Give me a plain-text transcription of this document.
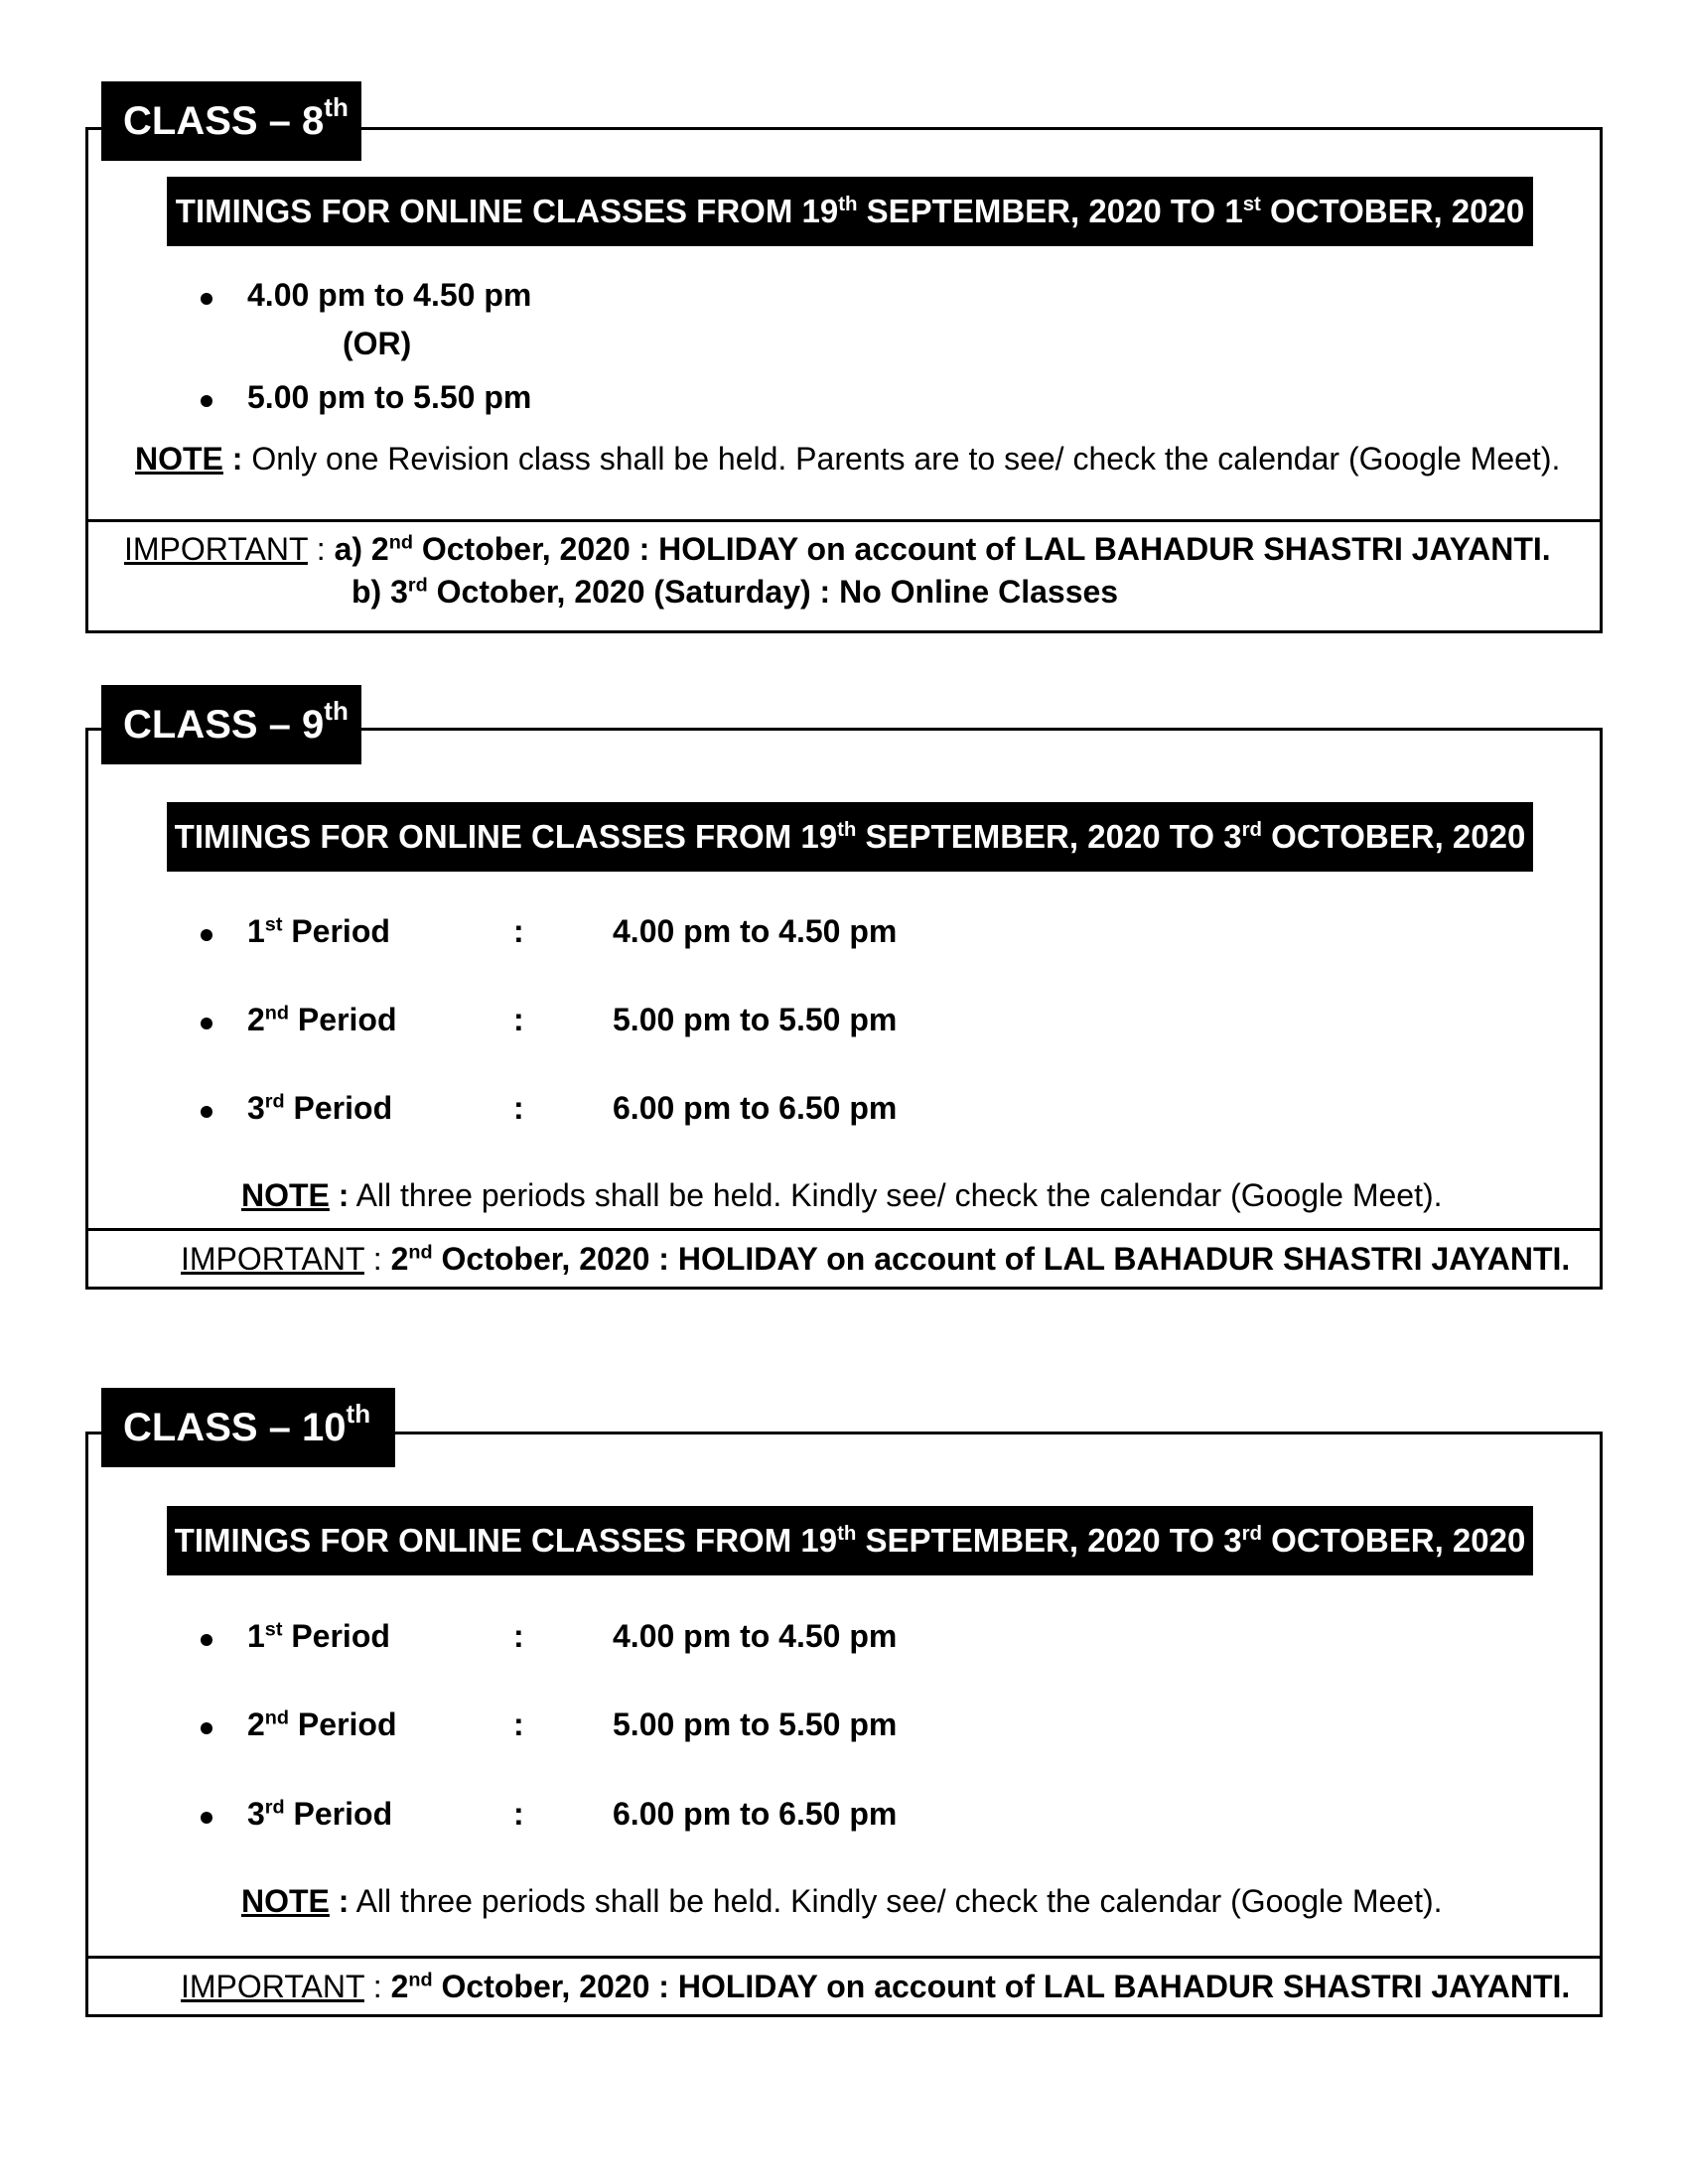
TIMINGS FOR ONLINE CLASSES FROM 19th SEPTEMBER, 2020 TO 1st OCTOBER, 2020
4.00 pm to 4.50 pm
(OR)
5.00 pm to 5.50 pm
NOTE : Only one Revision class shall be held. Parents are to see/ check the calendar (Google Meet).
IMPORTANT : a) 2nd October, 2020 : HOLIDAY on account of LAL BAHADUR SHASTRI JAYANTI.
b) 3rd October, 2020 (Saturday) : No Online Classes
CLASS – 8th
TIMINGS FOR ONLINE CLASSES FROM 19th SEPTEMBER, 2020 TO 3rd OCTOBER, 2020
1st Period	:	4.00 pm to 4.50 pm
2nd Period	:	5.00 pm to 5.50 pm
3rd Period	:	6.00 pm to 6.50 pm
NOTE : All three periods shall be held. Kindly see/ check the calendar (Google Meet).
IMPORTANT : 2nd October, 2020 : HOLIDAY on account of LAL BAHADUR SHASTRI JAYANTI.
CLASS – 9th
TIMINGS FOR ONLINE CLASSES FROM 19th SEPTEMBER, 2020 TO 3rd OCTOBER, 2020
1st Period	:	4.00 pm to 4.50 pm
2nd Period	:	5.00 pm to 5.50 pm
3rd Period	:	6.00 pm to 6.50 pm
NOTE : All three periods shall be held. Kindly see/ check the calendar (Google Meet).
IMPORTANT : 2nd October, 2020 : HOLIDAY on account of LAL BAHADUR SHASTRI JAYANTI.
CLASS – 10th
